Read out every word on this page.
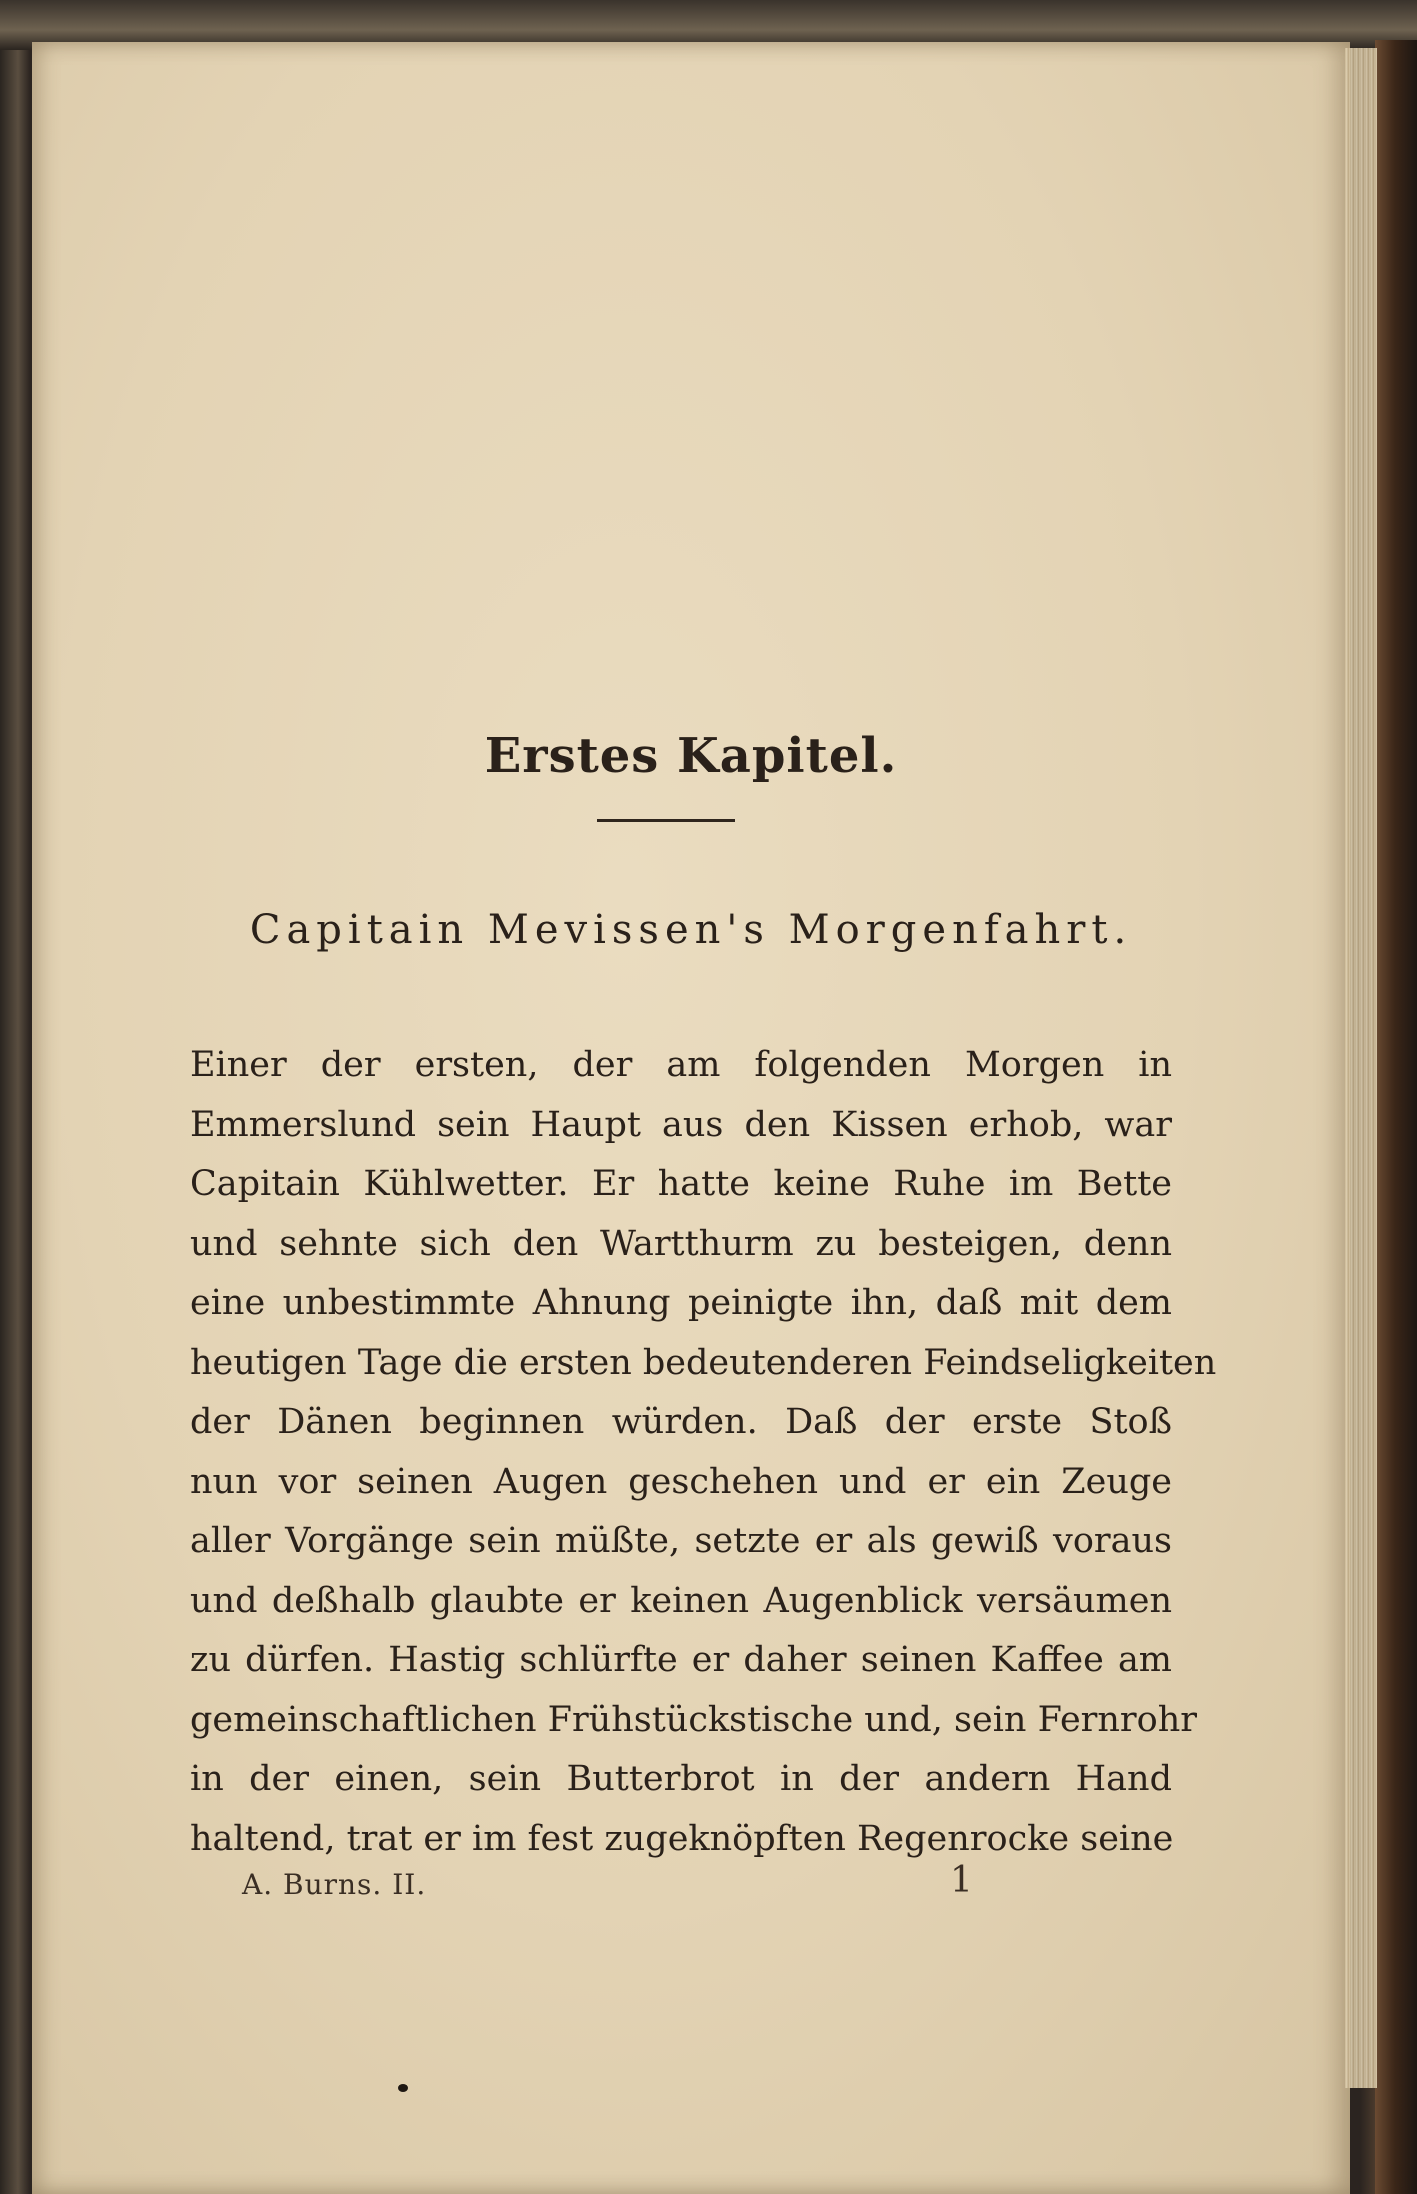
Erstes Kapitel.
Capitain Mevissen's Morgenfahrt.
Einer der ersten, der am folgenden Morgen in
Emmerslund sein Haupt aus den Kissen erhob, war
Capitain Kühlwetter. Er hatte keine Ruhe im Bette
und sehnte sich den Wartthurm zu besteigen, denn
eine unbestimmte Ahnung peinigte ihn, daß mit dem
heutigen Tage die ersten bedeutenderen Feindseligkeiten
der Dänen beginnen würden. Daß der erste Stoß
nun vor seinen Augen geschehen und er ein Zeuge
aller Vorgänge sein müßte, setzte er als gewiß voraus
und deßhalb glaubte er keinen Augenblick versäumen
zu dürfen. Hastig schlürfte er daher seinen Kaffee am
gemeinschaftlichen Frühstückstische und, sein Fernrohr
in der einen, sein Butterbrot in der andern Hand
haltend, trat er im fest zugeknöpften Regenrocke seine
A. Burns. II.	1
